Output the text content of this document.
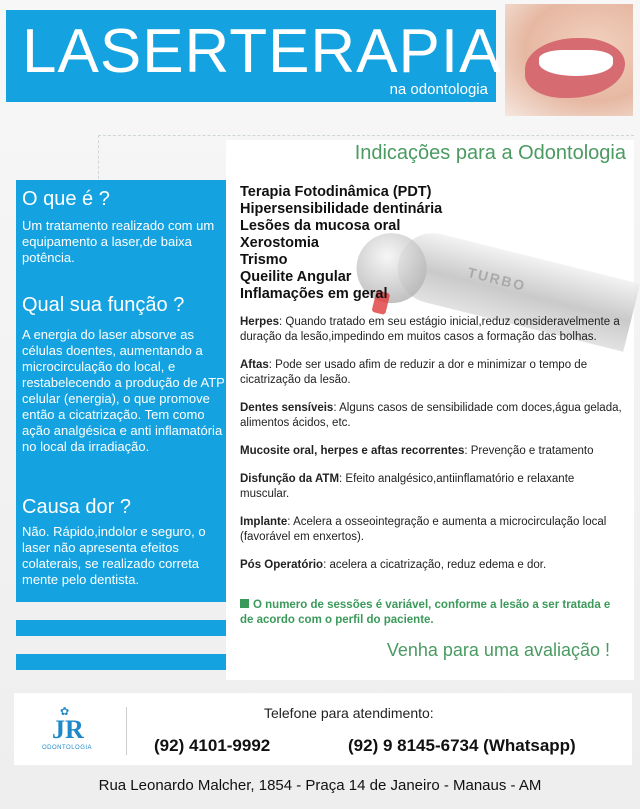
LASERTERAPIA
na odontologia
Indicações para a Odontologia
TURBO
O que é ?
Um tratamento realizado com um equipamento a laser,de baixa potência.
Qual sua função ?
A energia do laser absorve as células doentes, aumentando a microcirculação do local, e restabelecendo a produção de ATP celular (energia), o que promove então a cicatrização. Tem como ação analgésica e anti inflamatória no local da irradiação.
Causa dor ?
Não. Rápido,indolor e seguro, o laser não apresenta efeitos colaterais, se realizado correta mente pelo dentista.
Terapia Fotodinâmica (PDT)
Hipersensibilidade dentinária
Lesões da mucosa oral
Xerostomia
Trismo
Queilite Angular
Inflamações em geral

Herpes: Quando tratado em seu estágio inicial,reduz consideravelmente a duração da lesão,impedindo em muitos casos a formação das bolhas.

Aftas: Pode ser usado afim de reduzir a dor e minimizar o tempo de cicatrização da lesão.

Dentes sensíveis: Alguns casos de sensibilidade com doces,água gelada, alimentos ácidos, etc.

Mucosite oral, herpes e aftas recorrentes: Prevenção e tratamento

Disfunção da ATM: Efeito analgésico,antiinflamatório e relaxante muscular.

Implante: Acelera a osseointegração e aumenta a microcirculação local (favorável em enxertos).

Pós Operatório: acelera a cicatrização, reduz edema e dor.

O numero de sessões é variável, conforme a lesão a ser tratada e de acordo com o perfil do paciente.
Venha para uma avaliação !
✿
JR
ODONTOLOGIA
Telefone para atendimento:
(92) 4101-9992	(92) 9 8145-6734 (Whatsapp)
Rua Leonardo Malcher, 1854 - Praça 14 de Janeiro - Manaus - AM
